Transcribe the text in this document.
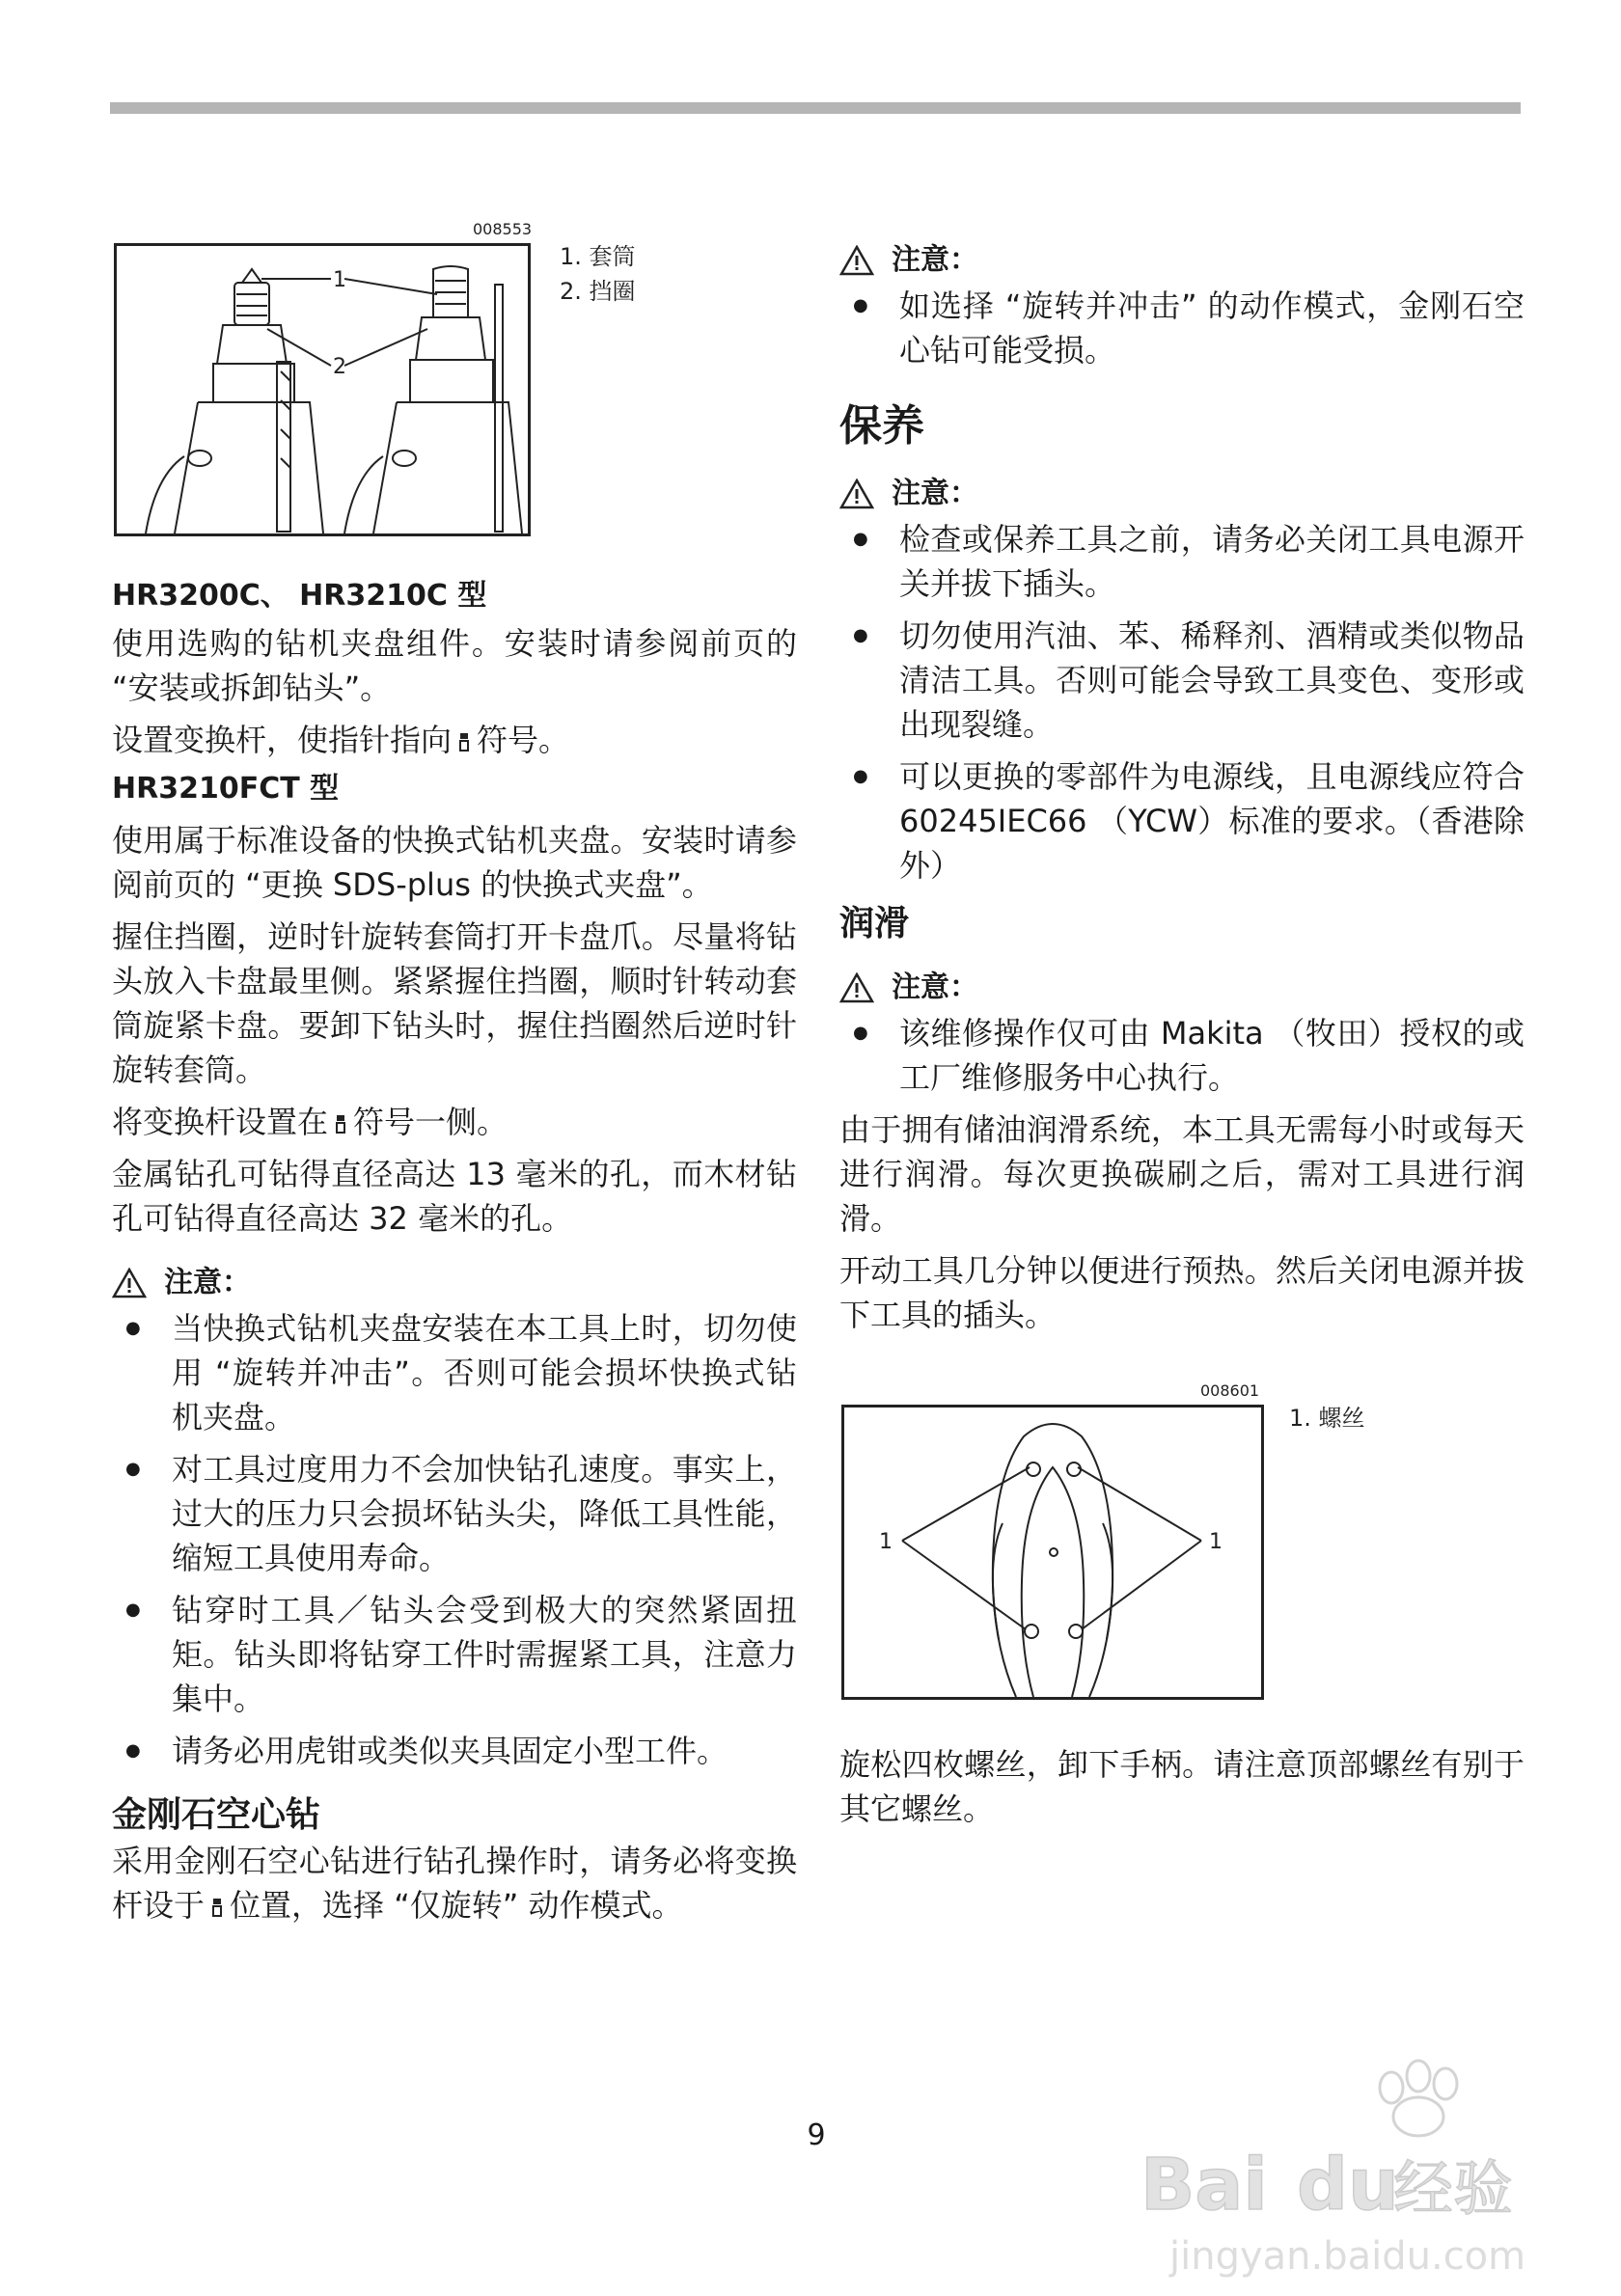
008553
1
2
1. 套筒
2. 挡圈
HR3200C、 HR3210C 型

使用选购的钻机夹盘组件。安装时请参阅前页的 “安装或拆卸钻头”。

设置变换杆，使指针指向 符号。

HR3210FCT 型

使用属于标准设备的快换式钻机夹盘。安装时请参阅前页的 “更换 SDS-plus 的快换式夹盘”。

握住挡圈，逆时针旋转套筒打开卡盘爪。尽量将钻头放入卡盘最里侧。紧紧握住挡圈，顺时针转动套筒旋紧卡盘。要卸下钻头时，握住挡圈然后逆时针旋转套筒。

将变换杆设置在 符号一侧。

金属钻孔可钻得直径高达 13 毫米的孔，而木材钻孔可钻得直径高达 32 毫米的孔。

注意：
● 当快换式钻机夹盘安装在本工具上时，切勿使用 “旋转并冲击”。否则可能会损坏快换式钻机夹盘。
● 对工具过度用力不会加快钻孔速度。事实上，过大的压力只会损坏钻头尖，降低工具性能，缩短工具使用寿命。
● 钻穿时工具／钻头会受到极大的突然紧固扭矩。钻头即将钻穿工件时需握紧工具，注意力集中。
● 请务必用虎钳或类似夹具固定小型工件。
金刚石空心钻

采用金刚石空心钻进行钻孔操作时，请务必将变换杆设于 位置，选择 “仅旋转” 动作模式。

注意：
● 如选择 “旋转并冲击” 的动作模式，金刚石空心钻可能受损。
保养
注意：
● 检查或保养工具之前，请务必关闭工具电源开关并拔下插头。
● 切勿使用汽油、苯、稀释剂、酒精或类似物品清洁工具。否则可能会导致工具变色、变形或出现裂缝。
● 可以更换的零部件为电源线，且电源线应符合 60245IEC66 （YCW）标准的要求。（香港除外）
润滑
注意：
● 该维修操作仅可由 Makita （牧田）授权的或工厂维修服务中心执行。

由于拥有储油润滑系统，本工具无需每小时或每天进行润滑。每次更换碳刷之后，需对工具进行润滑。

开动工具几分钟以便进行预热。然后关闭电源并拔下工具的插头。

008601
1	1
1. 螺丝

旋松四枚螺丝，卸下手柄。请注意顶部螺丝有别于其它螺丝。

9
Bai du
经验
jingyan.baidu.com
